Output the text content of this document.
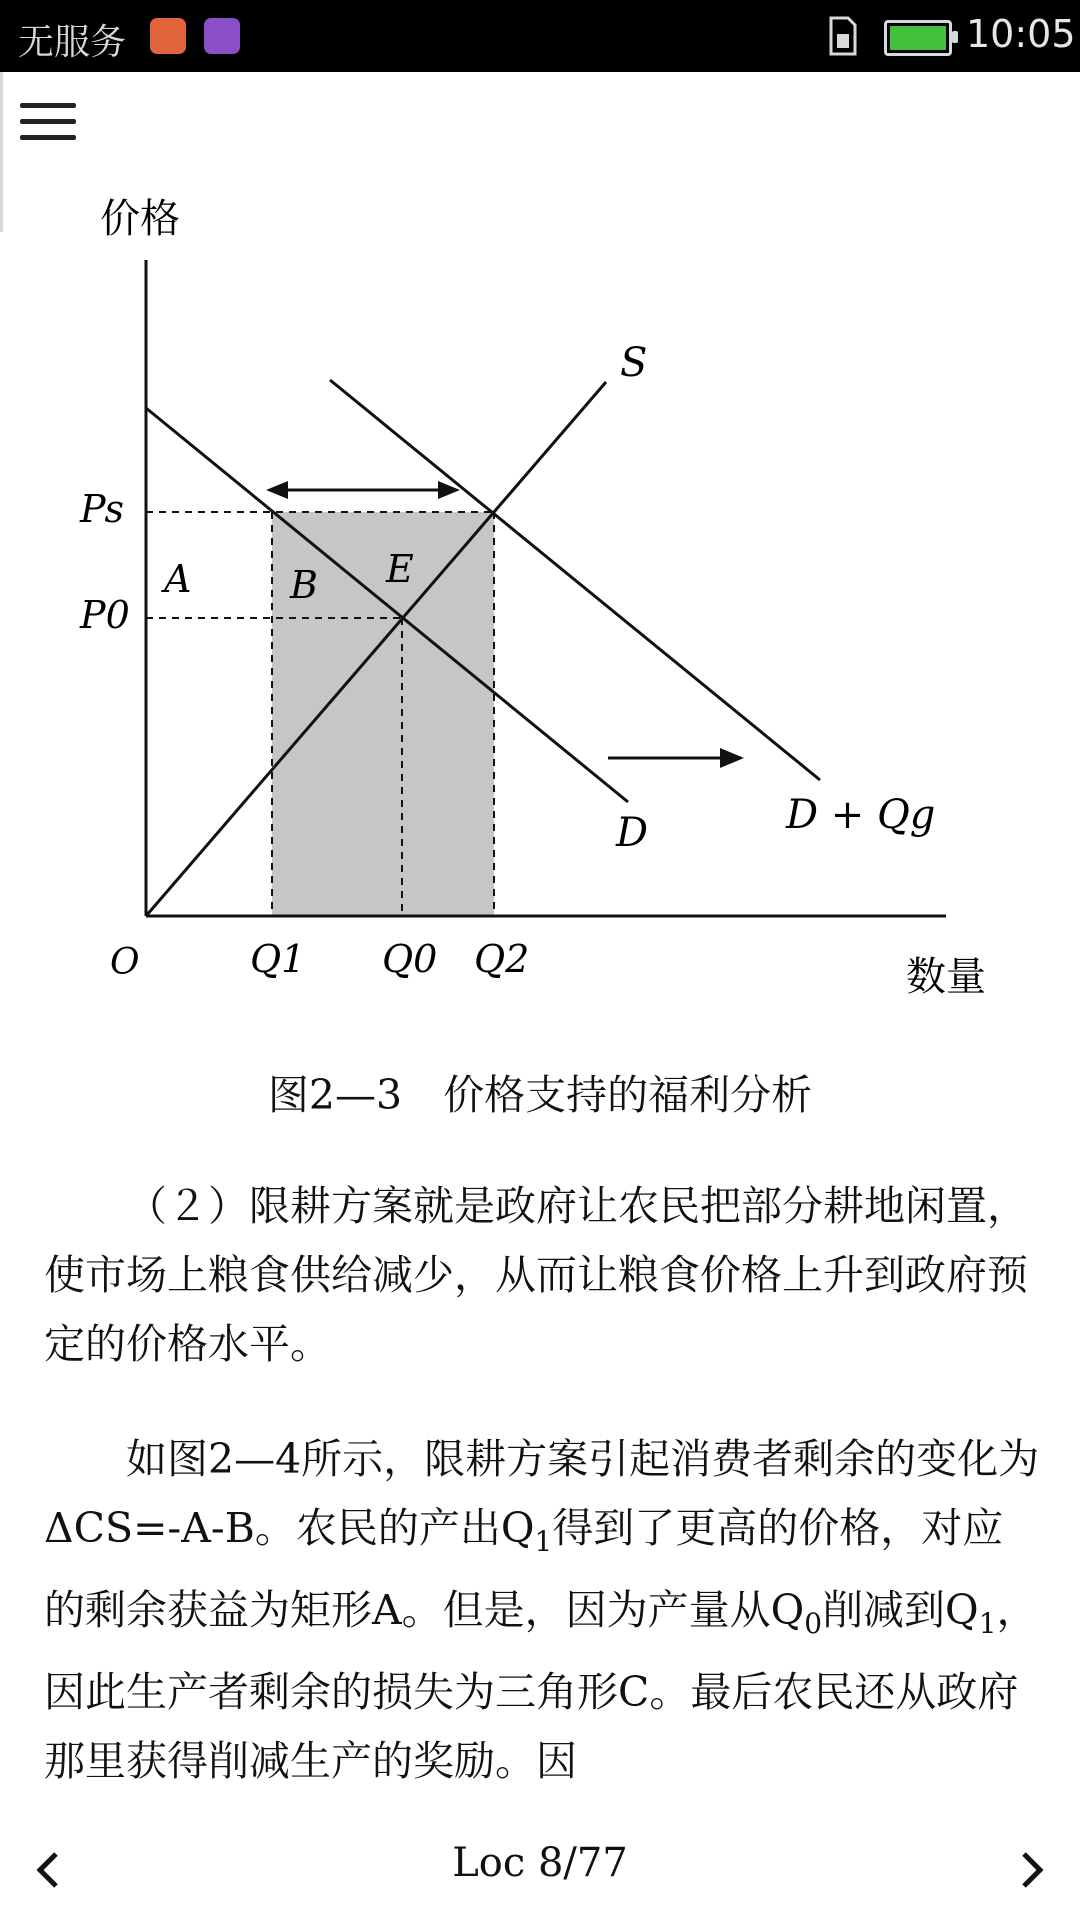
无服务	10:05
价格
数量
O
Ps
P0
A	B E
S
D	D + Qg
Q1 Q0 Q2
图2—3　价格支持的福利分析
（２）限耕方案就是政府让农民把部分耕地闲置，使市场上粮食供给减少，从而让粮食价格上升到政府预定的价格水平。
如图2—4所示，限耕方案引起消费者剩余的变化为ΔCS=-A-B。农民的产出$Q_1$得到了更高的价格，对应的剩余获益为矩形A。但是，因为产量从$Q_0$削减到$Q_1$，因此生产者剩余的损失为三角形C。最后农民还从政府那里获得削减生产的奖励。因
Loc 8/77
